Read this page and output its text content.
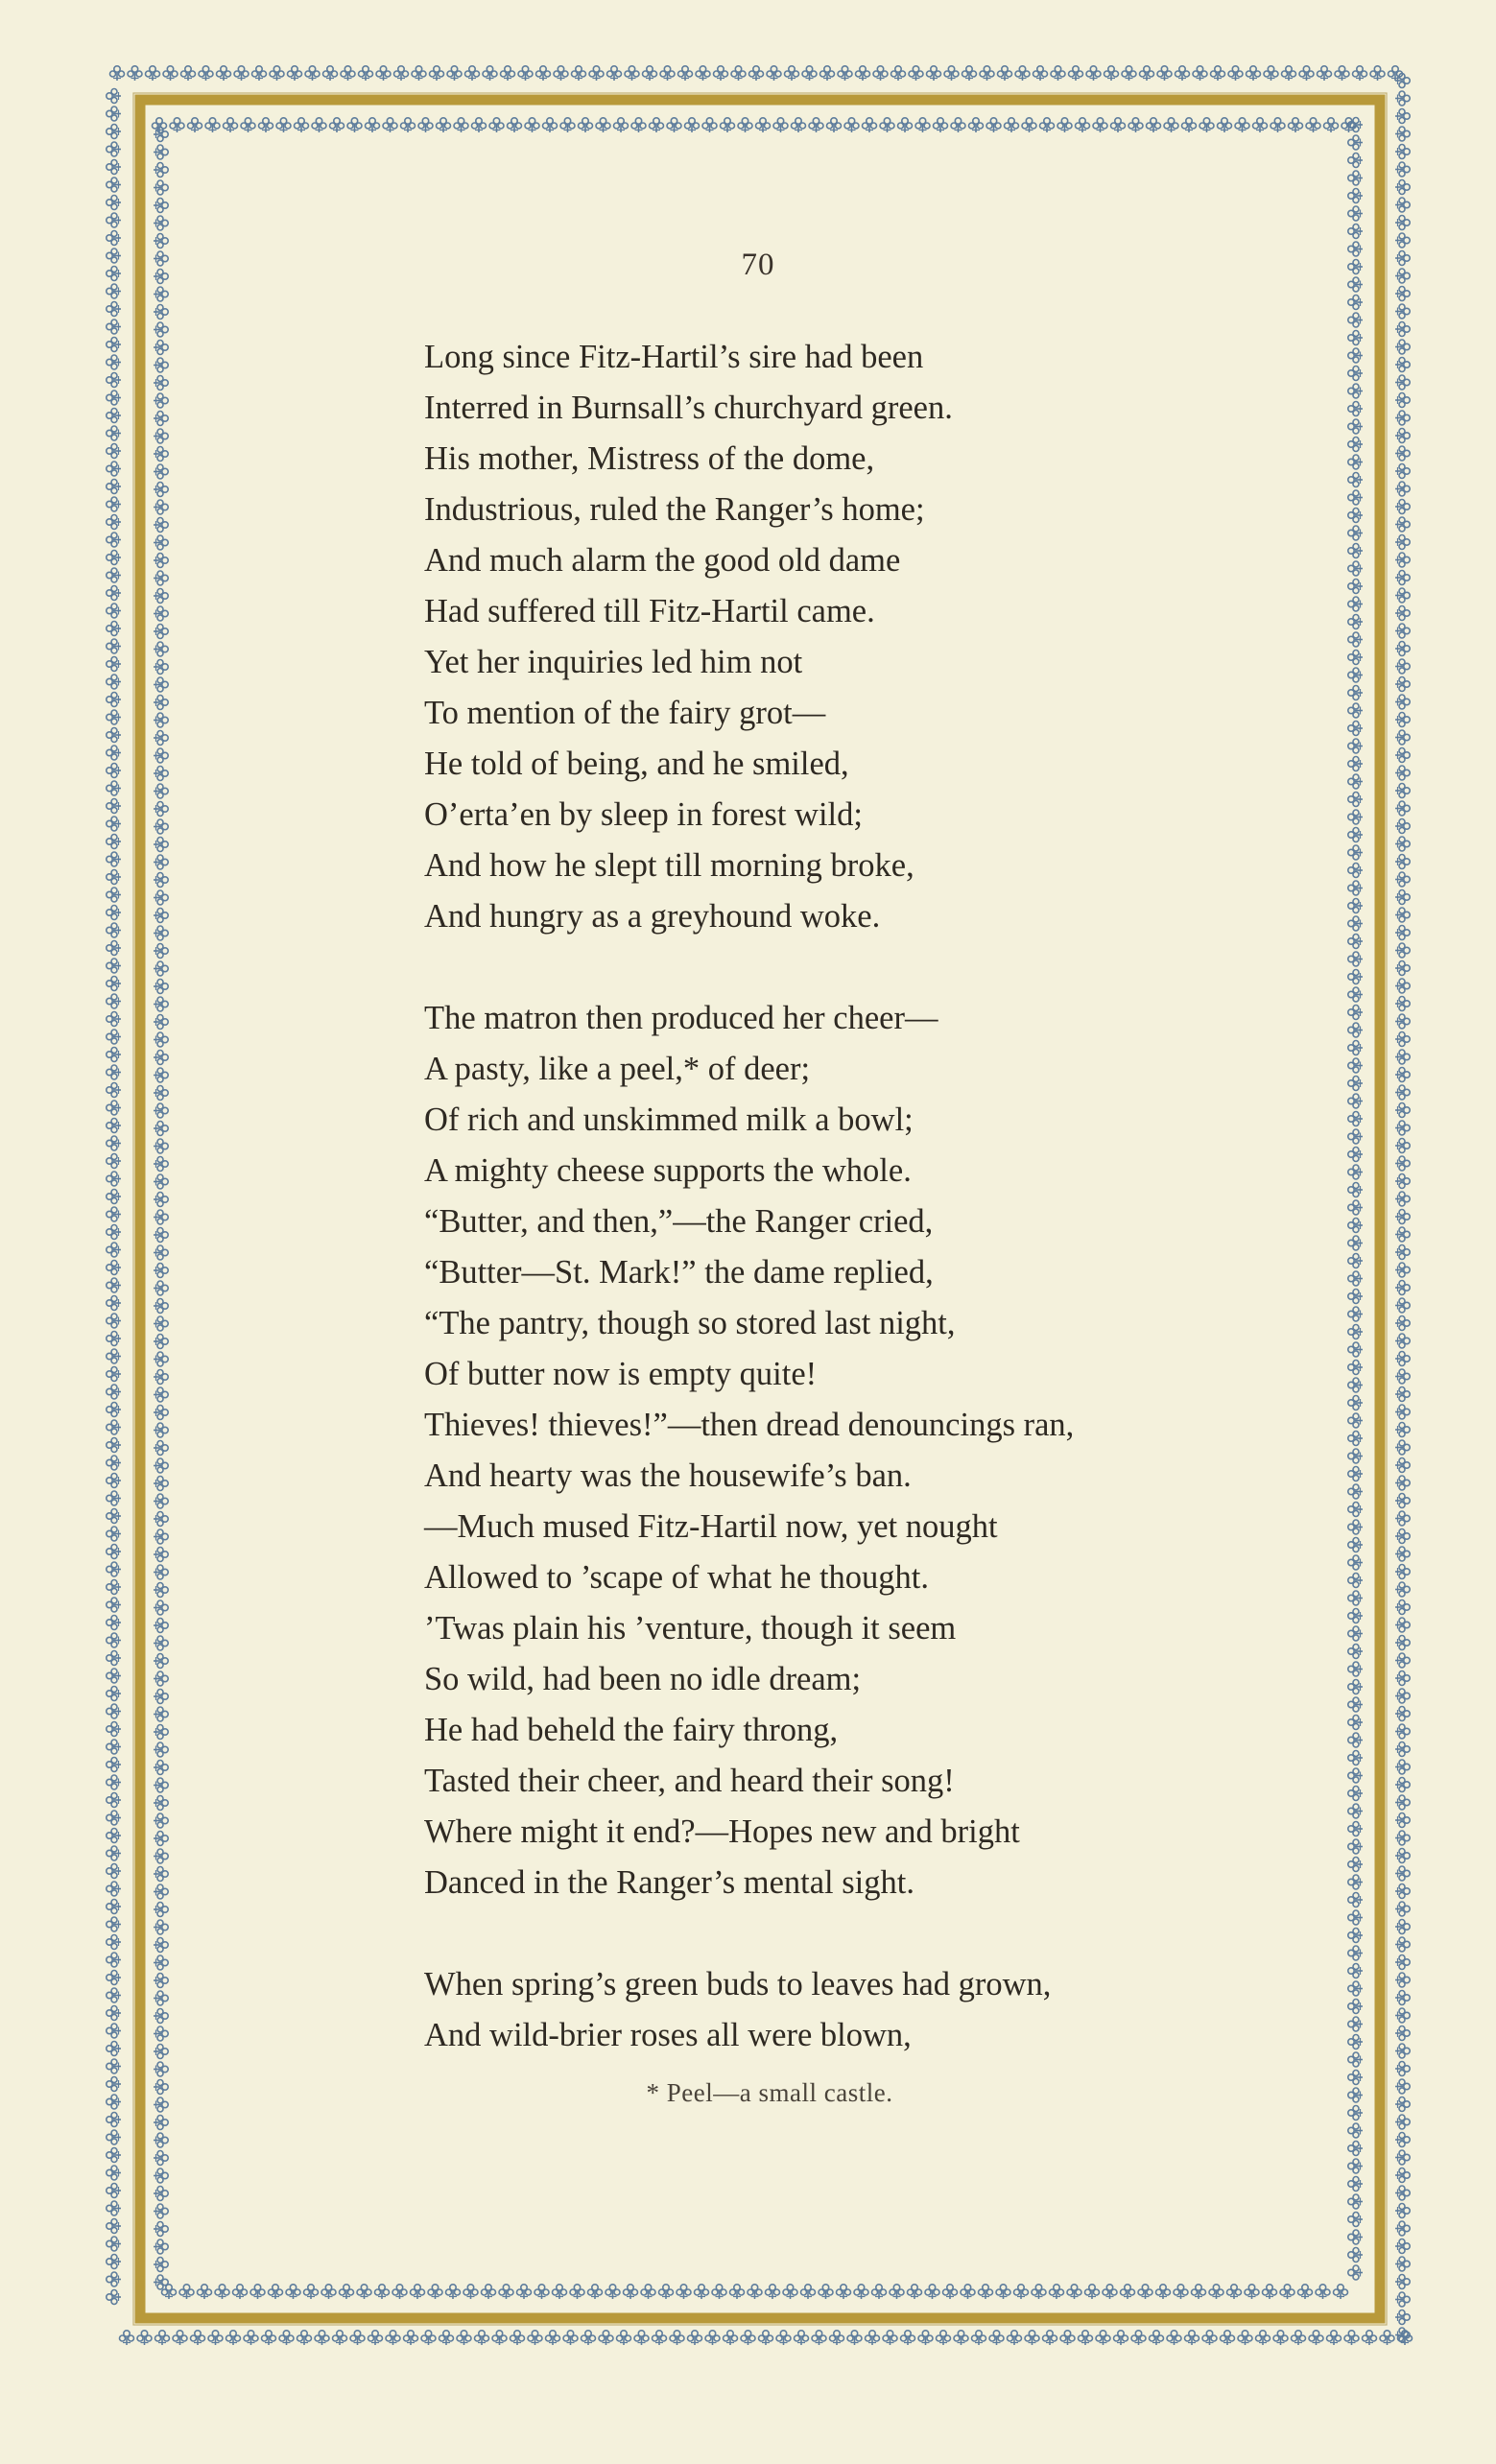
70
Long since Fitz-Hartil’s sire had been
Interred in Burnsall’s churchyard green.
His mother, Mistress of the dome,
Industrious, ruled the Ranger’s home;
And much alarm the good old dame
Had suffered till Fitz-Hartil came.
Yet her inquiries led him not
To mention of the fairy grot—
He told of being, and he smiled,
O’erta’en by sleep in forest wild;
And how he slept till morning broke,
And hungry as a greyhound woke.
The matron then produced her cheer—
A pasty, like a peel,* of deer;
Of rich and unskimmed milk a bowl;
A mighty cheese supports the whole.
“Butter, and then,”—the Ranger cried,
“Butter—St. Mark!” the dame replied,
“The pantry, though so stored last night,
Of butter now is empty quite!
Thieves! thieves!”—then dread denouncings ran,
And hearty was the housewife’s ban.
—Much mused Fitz-Hartil now, yet nought
Allowed to ’scape of what he thought.
’Twas plain his ’venture, though it seem
So wild, had been no idle dream;
He had beheld the fairy throng,
Tasted their cheer, and heard their song!
Where might it end?—Hopes new and bright
Danced in the Ranger’s mental sight.
When spring’s green buds to leaves had grown,
And wild-brier roses all were blown,
* Peel—a small castle.
